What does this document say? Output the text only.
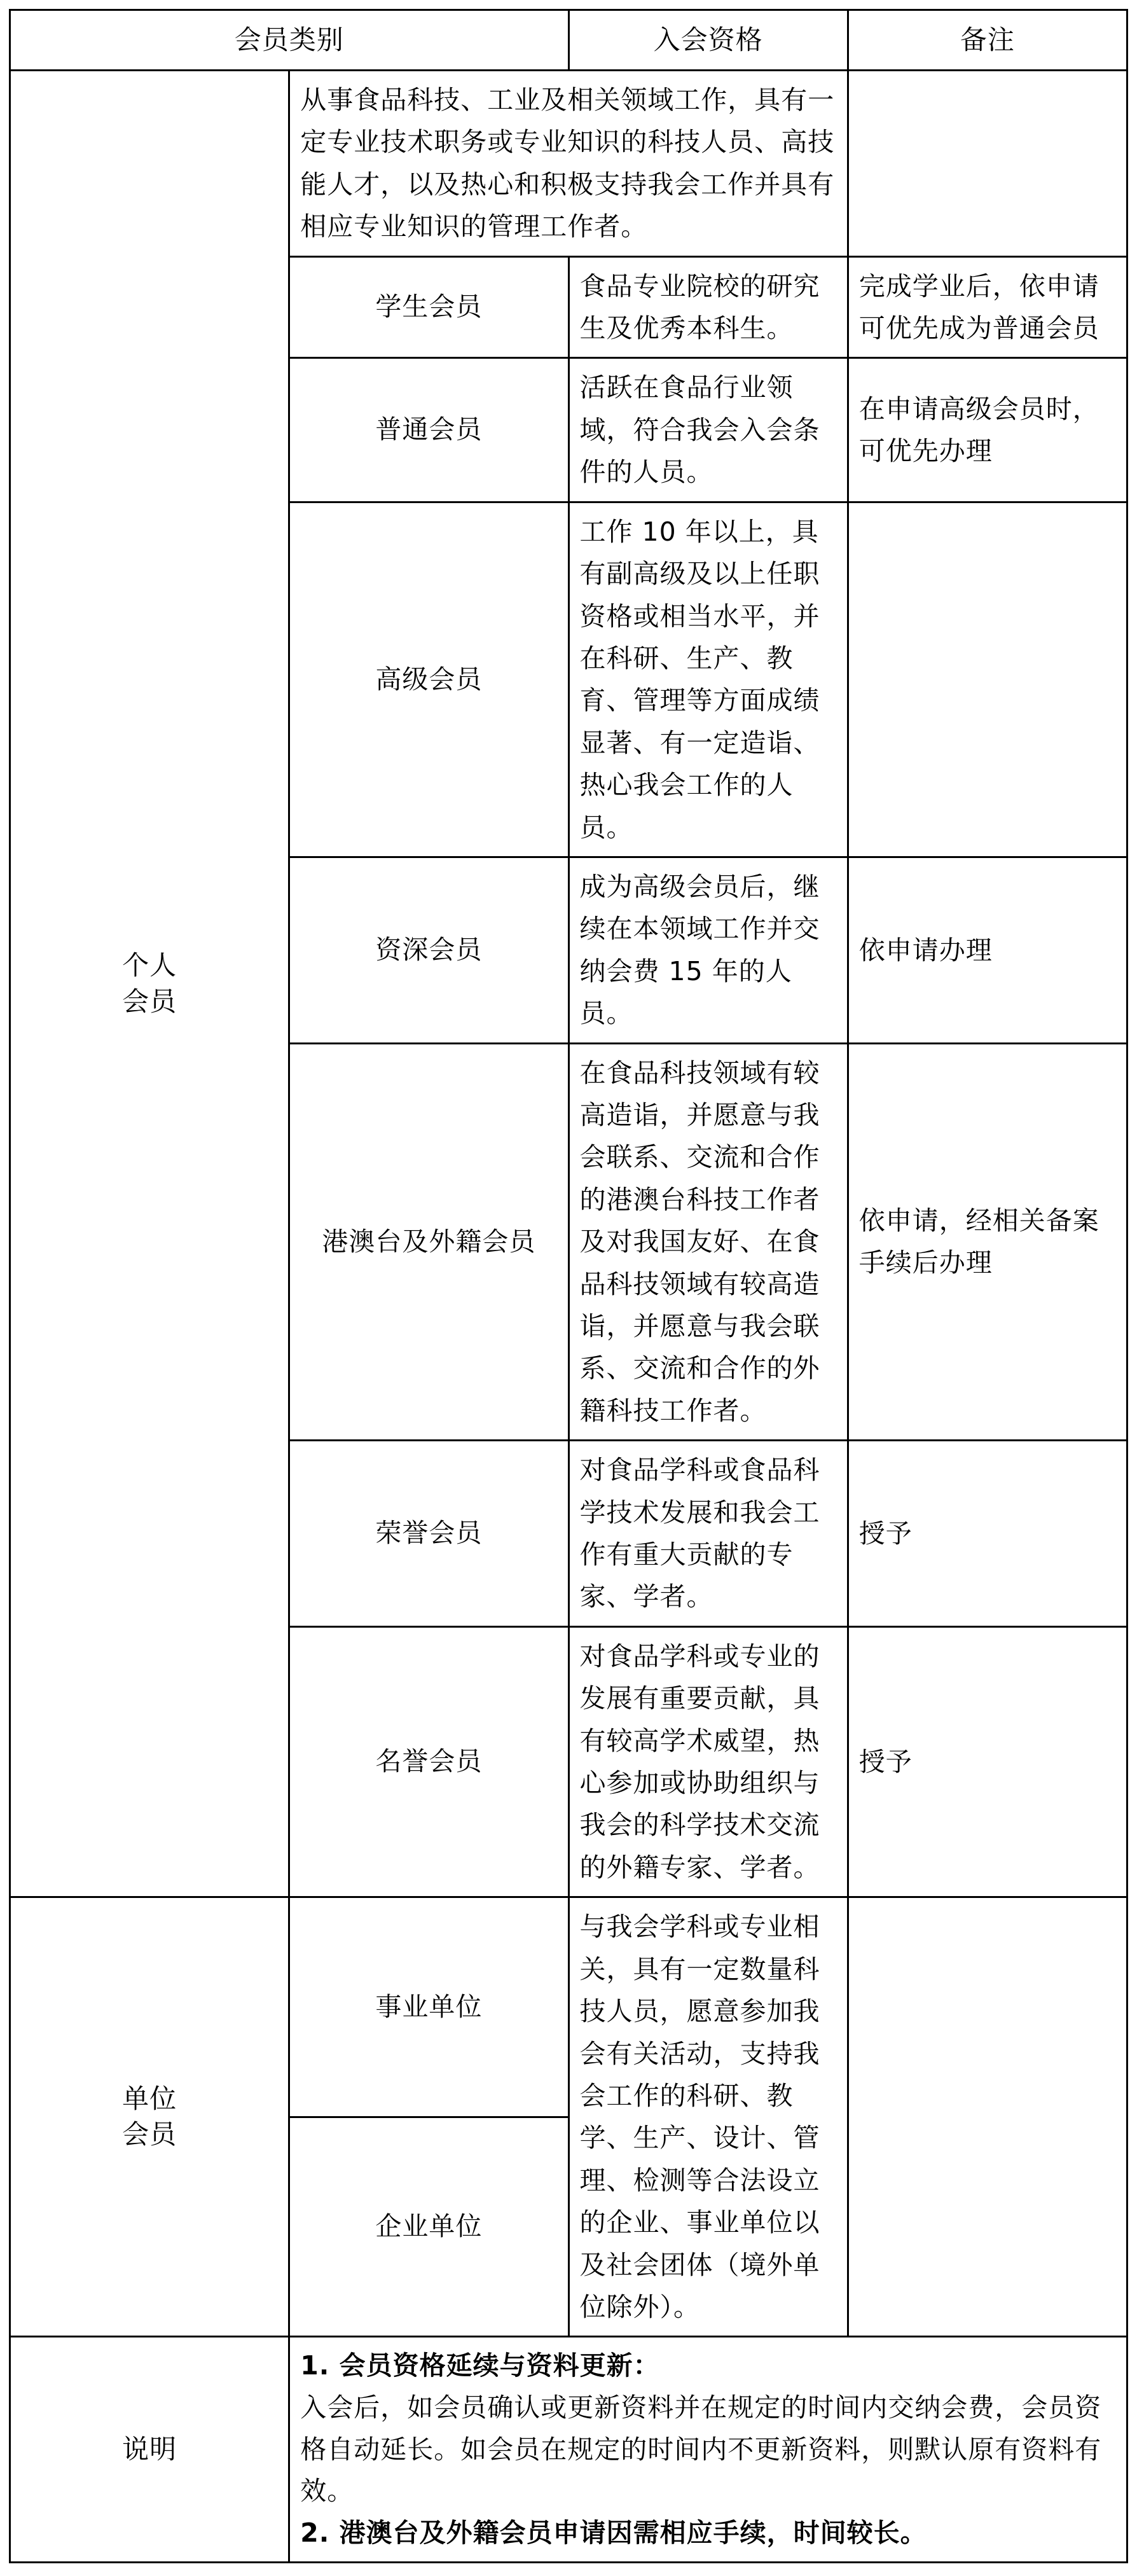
会员类别		入会资格	备注

个人
会员	从事食品科技、工业及相关领域工作，具有一定专业技术职务或专业知识的科技人员、高技能人才，以及热心和积极支持我会工作并具有相应专业知识的管理工作者。		
	学生会员	食品专业院校的研究生及优秀本科生。	完成学业后，依申请可优先成为普通会员
	普通会员	活跃在食品行业领域，符合我会入会条件的人员。	在申请高级会员时，可优先办理
	高级会员	工作 10 年以上，具有副高级及以上任职资格或相当水平，并在科研、生产、教育、管理等方面成绩显著、有一定造诣、热心我会工作的人员。	
	资深会员	成为高级会员后，继续在本领域工作并交纳会费 15 年的人员。	依申请办理
	港澳台及外籍会员	在食品科技领域有较高造诣，并愿意与我会联系、交流和合作的港澳台科技工作者及对我国友好、在食品科技领域有较高造诣，并愿意与我会联系、交流和合作的外籍科技工作者。	依申请，经相关备案手续后办理
	荣誉会员	对食品学科或食品科学技术发展和我会工作有重大贡献的专家、学者。	授予
	名誉会员	对食品学科或专业的发展有重要贡献，具有较高学术威望，热心参加或协助组织与我会的科学技术交流的外籍专家、学者。	授予

单位
会员	事业单位	与我会学科或专业相关，具有一定数量科技人员，愿意参加我会有关活动，支持我会工作的科研、教学、生产、设计、管理、检测等合法设立的企业、事业单位以及社会团体（境外单位除外）。	
	企业单位		
说明	1. 会员资格延续与资料更新：

入会后，如会员确认或更新资料并在规定的时间内交纳会费，会员资格自动延长。如会员在规定的时间内不更新资料，则默认原有资料有效。

2. 港澳台及外籍会员申请因需相应手续，时间较长。		
